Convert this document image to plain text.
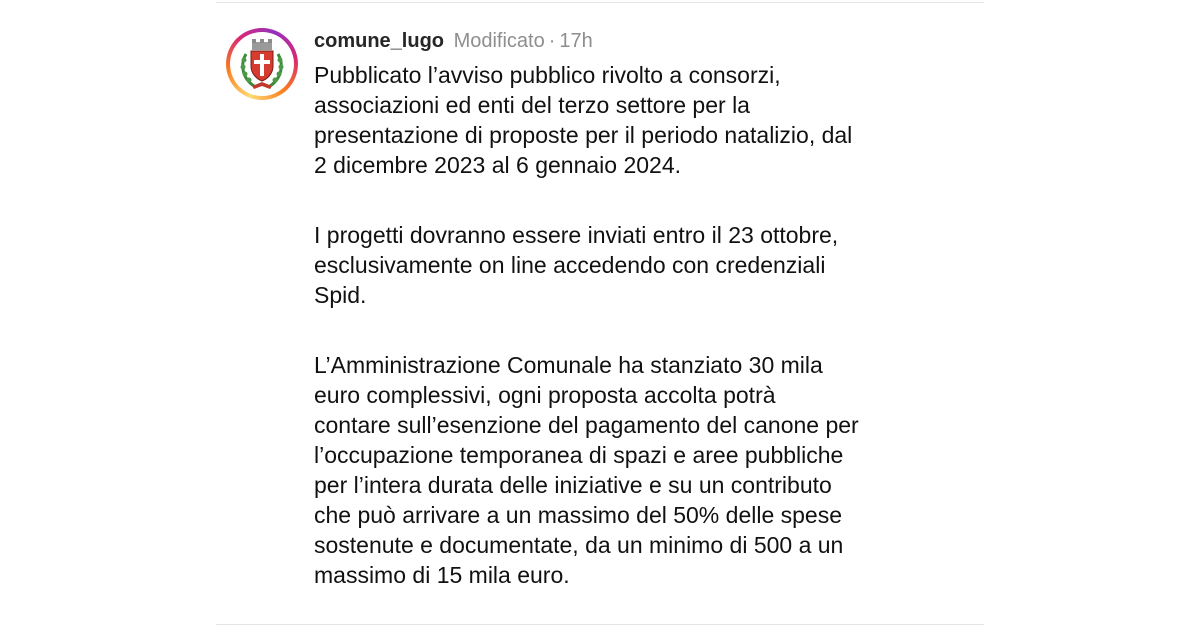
comune_lugo Modificato · 17h

Pubblicato l’avviso pubblico rivolto a consorzi,
associazioni ed enti del terzo settore per la
presentazione di proposte per il periodo natalizio, dal
2 dicembre 2023 al 6 gennaio 2024.

I progetti dovranno essere inviati entro il 23 ottobre,
esclusivamente on line accedendo con credenziali
Spid.

L’Amministrazione Comunale ha stanziato 30 mila
euro complessivi, ogni proposta accolta potrà
contare sull’esenzione del pagamento del canone per
l’occupazione temporanea di spazi e aree pubbliche
per l’intera durata delle iniziative e su un contributo
che può arrivare a un massimo del 50% delle spese
sostenute e documentate, da un minimo di 500 a un
massimo di 15 mila euro.
